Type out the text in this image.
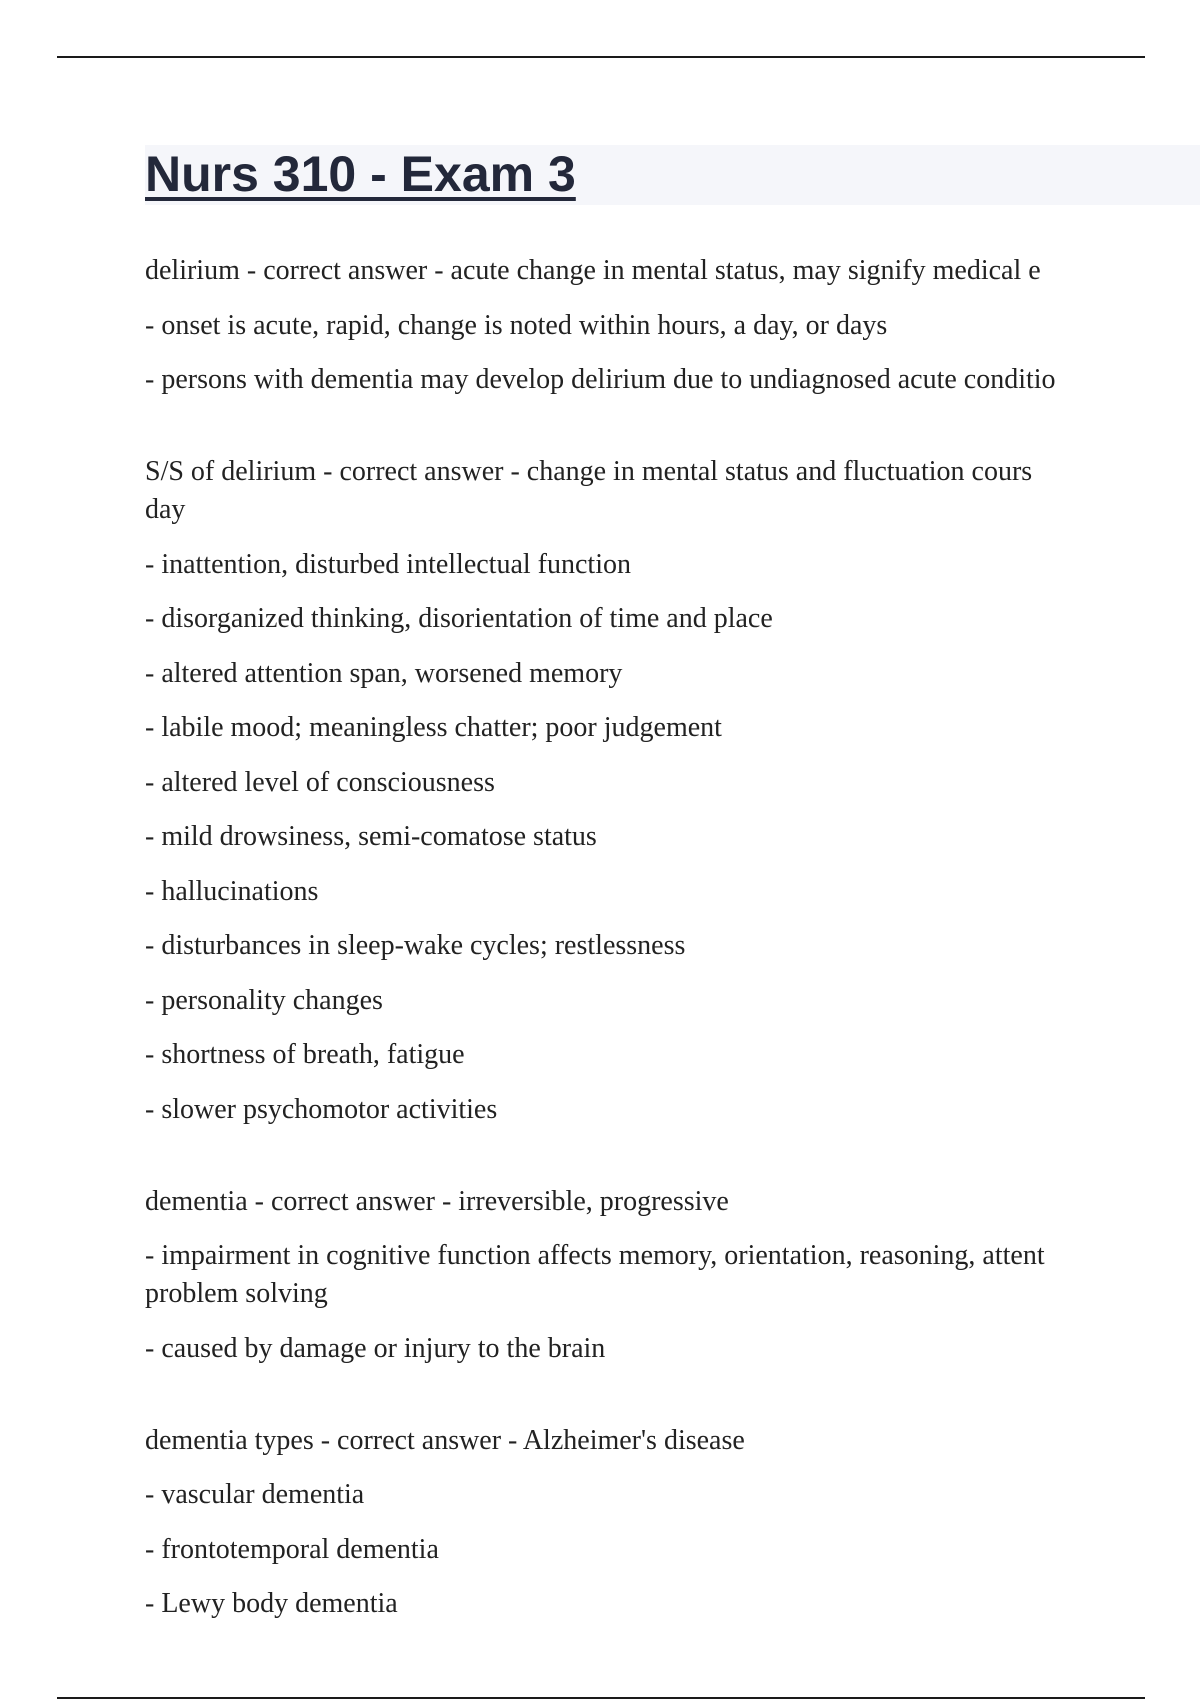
Nurs 310 - Exam 3

delirium - correct answer - acute change in mental status, may signify medical e

- onset is acute, rapid, change is noted within hours, a day, or days

- persons with dementia may develop delirium due to undiagnosed acute conditio

S/S of delirium - correct answer - change in mental status and fluctuation cours
day

- inattention, disturbed intellectual function

- disorganized thinking, disorientation of time and place

- altered attention span, worsened memory

- labile mood; meaningless chatter; poor judgement

- altered level of consciousness

- mild drowsiness, semi-comatose status

- hallucinations

- disturbances in sleep-wake cycles; restlessness

- personality changes

- shortness of breath, fatigue

- slower psychomotor activities

dementia - correct answer - irreversible, progressive

- impairment in cognitive function affects memory, orientation, reasoning, attent
problem solving

- caused by damage or injury to the brain

dementia types - correct answer - Alzheimer's disease

- vascular dementia

- frontotemporal dementia

- Lewy body dementia
